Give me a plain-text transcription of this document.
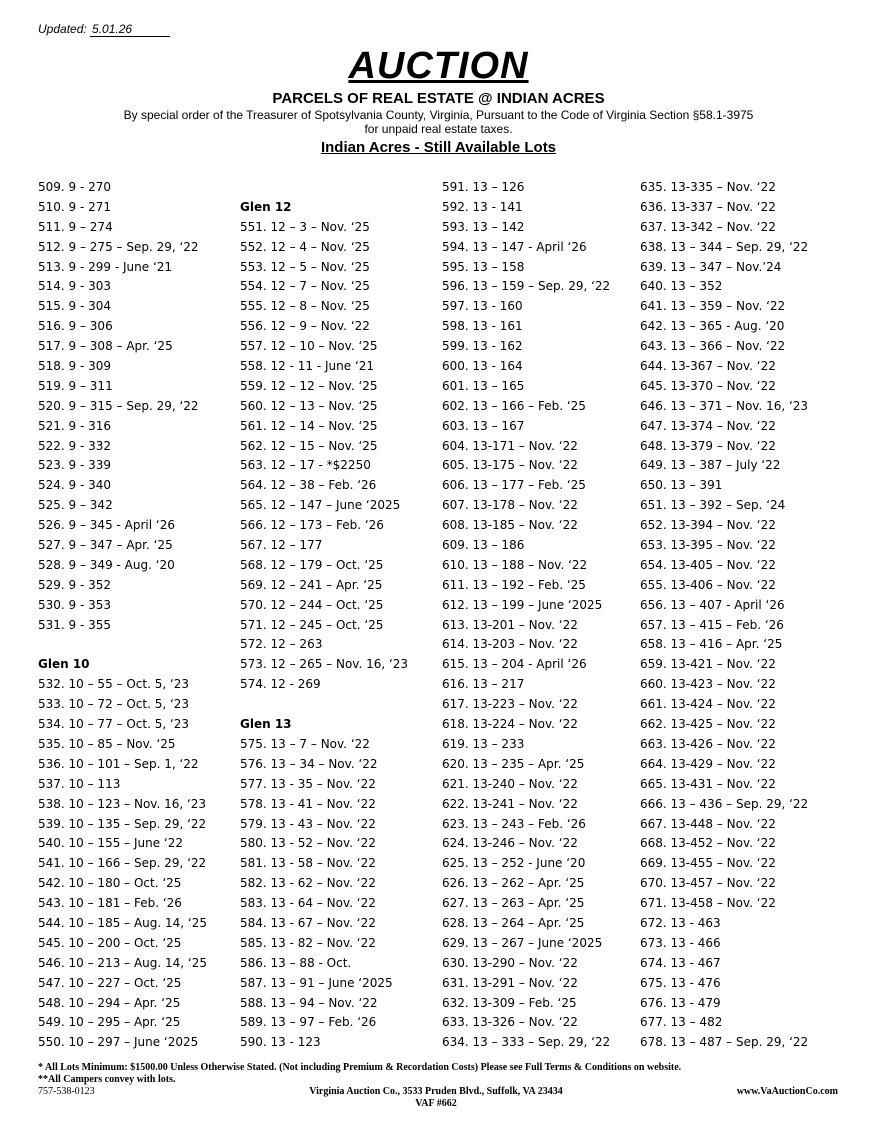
Updated: 5.01.26
AUCTION
PARCELS OF REAL ESTATE @ INDIAN ACRES
By special order of the Treasurer of Spotsylvania County, Virginia, Pursuant to the Code of Virginia Section §58.1-3975
for unpaid real estate taxes.
Indian Acres - Still Available Lots
509. 9 - 270
510. 9 - 271
511. 9 – 274
512. 9 – 275 – Sep. 29, ‘22
513. 9 - 299 - June ‘21
514. 9 - 303
515. 9 - 304
516. 9 – 306
517. 9 – 308 – Apr. ‘25
518. 9 - 309
519. 9 – 311
520. 9 – 315 – Sep. 29, ‘22
521. 9 - 316
522. 9 - 332
523. 9 - 339
524. 9 - 340
525. 9 – 342
526. 9 – 345 - April ‘26
527. 9 – 347 – Apr. ‘25
528. 9 – 349 - Aug. ‘20
529. 9 - 352
530. 9 - 353
531. 9 - 355
Glen 10
532. 10 – 55 – Oct. 5, ‘23
533. 10 – 72 – Oct. 5, ‘23
534. 10 – 77 – Oct. 5, ‘23
535. 10 – 85 – Nov. ‘25
536. 10 – 101 – Sep. 1, ‘22
537. 10 – 113
538. 10 – 123 – Nov. 16, ‘23
539. 10 – 135 – Sep. 29, ‘22
540. 10 – 155 – June ‘22
541. 10 – 166 – Sep. 29, ‘22
542. 10 – 180 – Oct. ‘25
543. 10 – 181 – Feb. ‘26
544. 10 – 185 – Aug. 14, ‘25
545. 10 – 200 – Oct. ‘25
546. 10 – 213 – Aug. 14, ‘25
547. 10 – 227 – Oct. ‘25
548. 10 – 294 – Apr. ‘25
549. 10 – 295 – Apr. ‘25
550. 10 – 297 – June ‘2025
Glen 12
551. 12 – 3 – Nov. ‘25
552. 12 – 4 – Nov. ‘25
553. 12 – 5 – Nov. ‘25
554. 12 – 7 – Nov. ‘25
555. 12 – 8 – Nov. ‘25
556. 12 – 9 – Nov. ‘22
557. 12 – 10 – Nov. ‘25
558. 12 - 11 - June ‘21
559. 12 – 12 – Nov. ‘25
560. 12 – 13 – Nov. ‘25
561. 12 – 14 – Nov. ‘25
562. 12 – 15 – Nov. ‘25
563. 12 – 17 - *$2250
564. 12 – 38 – Feb. ‘26
565. 12 – 147 – June ‘2025
566. 12 – 173 – Feb. ‘26
567. 12 – 177
568. 12 – 179 – Oct. ‘25
569. 12 – 241 – Apr. ‘25
570. 12 – 244 – Oct. ‘25
571. 12 – 245 – Oct. ‘25
572. 12 – 263
573. 12 – 265 – Nov. 16, ‘23
574. 12 - 269
Glen 13
575. 13 – 7 – Nov. ‘22
576. 13 – 34 – Nov. ‘22
577. 13 - 35 – Nov. ‘22
578. 13 - 41 – Nov. ‘22
579. 13 - 43 – Nov. ‘22
580. 13 - 52 – Nov. ‘22
581. 13 - 58 – Nov. ‘22
582. 13 - 62 – Nov. ‘22
583. 13 - 64 – Nov. ‘22
584. 13 - 67 – Nov. ‘22
585. 13 - 82 – Nov. ‘22
586. 13 – 88 - Oct.
587. 13 – 91 – June ‘2025
588. 13 – 94 – Nov. ‘22
589. 13 – 97 – Feb. ‘26
590. 13 - 123
591. 13 – 126
592. 13 - 141
593. 13 – 142
594. 13 – 147 - April ‘26
595. 13 – 158
596. 13 – 159 – Sep. 29, ‘22
597. 13 - 160
598. 13 - 161
599. 13 - 162
600. 13 - 164
601. 13 – 165
602. 13 – 166 – Feb. ‘25
603. 13 – 167
604. 13-171 – Nov. ‘22
605. 13-175 – Nov. ‘22
606. 13 – 177 – Feb. ‘25
607. 13-178 – Nov. ‘22
608. 13-185 – Nov. ‘22
609. 13 – 186
610. 13 – 188 – Nov. ‘22
611. 13 – 192 – Feb. ‘25
612. 13 – 199 – June ‘2025
613. 13-201 – Nov. ‘22
614. 13-203 – Nov. ‘22
615. 13 – 204 - April ‘26
616. 13 – 217
617. 13-223 – Nov. ‘22
618. 13-224 – Nov. ‘22
619. 13 – 233
620. 13 – 235 – Apr. ‘25
621. 13-240 – Nov. ‘22
622. 13-241 – Nov. ‘22
623. 13 – 243 – Feb. ‘26
624. 13-246 – Nov. ‘22
625. 13 – 252 - June ‘20
626. 13 – 262 – Apr. ‘25
627. 13 – 263 – Apr. ‘25
628. 13 – 264 – Apr. ‘25
629. 13 – 267 – June ‘2025
630. 13-290 – Nov. ‘22
631. 13-291 – Nov. ‘22
632. 13-309 – Feb. ‘25
633. 13-326 – Nov. ‘22
634. 13 – 333 – Sep. 29, ‘22
635. 13-335 – Nov. ‘22
636. 13-337 – Nov. ‘22
637. 13-342 – Nov. ‘22
638. 13 – 344 – Sep. 29, ‘22
639. 13 – 347 – Nov.’24
640. 13 – 352
641. 13 – 359 – Nov. ‘22
642. 13 – 365 - Aug. ‘20
643. 13 – 366 – Nov. ‘22
644. 13-367 – Nov. ‘22
645. 13-370 – Nov. ‘22
646. 13 – 371 – Nov. 16, ‘23
647. 13-374 – Nov. ‘22
648. 13-379 – Nov. ‘22
649. 13 – 387 – July ‘22
650. 13 – 391
651. 13 – 392 – Sep. ‘24
652. 13-394 – Nov. ‘22
653. 13-395 – Nov. ‘22
654. 13-405 – Nov. ‘22
655. 13-406 – Nov. ‘22
656. 13 – 407 - April ‘26
657. 13 – 415 – Feb. ‘26
658. 13 – 416 – Apr. ‘25
659. 13-421 – Nov. ‘22
660. 13-423 – Nov. ‘22
661. 13-424 – Nov. ‘22
662. 13-425 – Nov. ‘22
663. 13-426 – Nov. ‘22
664. 13-429 – Nov. ‘22
665. 13-431 – Nov. ‘22
666. 13 – 436 – Sep. 29, ‘22
667. 13-448 – Nov. ‘22
668. 13-452 – Nov. ‘22
669. 13-455 – Nov. ‘22
670. 13-457 – Nov. ‘22
671. 13-458 – Nov. ‘22
672. 13 - 463
673. 13 - 466
674. 13 - 467
675. 13 - 476
676. 13 - 479
677. 13 – 482
678. 13 – 487 – Sep. 29, ‘22
* All Lots Minimum: $1500.00 Unless Otherwise Stated. (Not including Premium & Recordation Costs) Please see Full Terms & Conditions on website.
**All Campers convey with lots.
757-538-0123	Virginia Auction Co., 3533 Pruden Blvd., Suffolk, VA 23434
VAF #662
www.VaAuctionCo.com
